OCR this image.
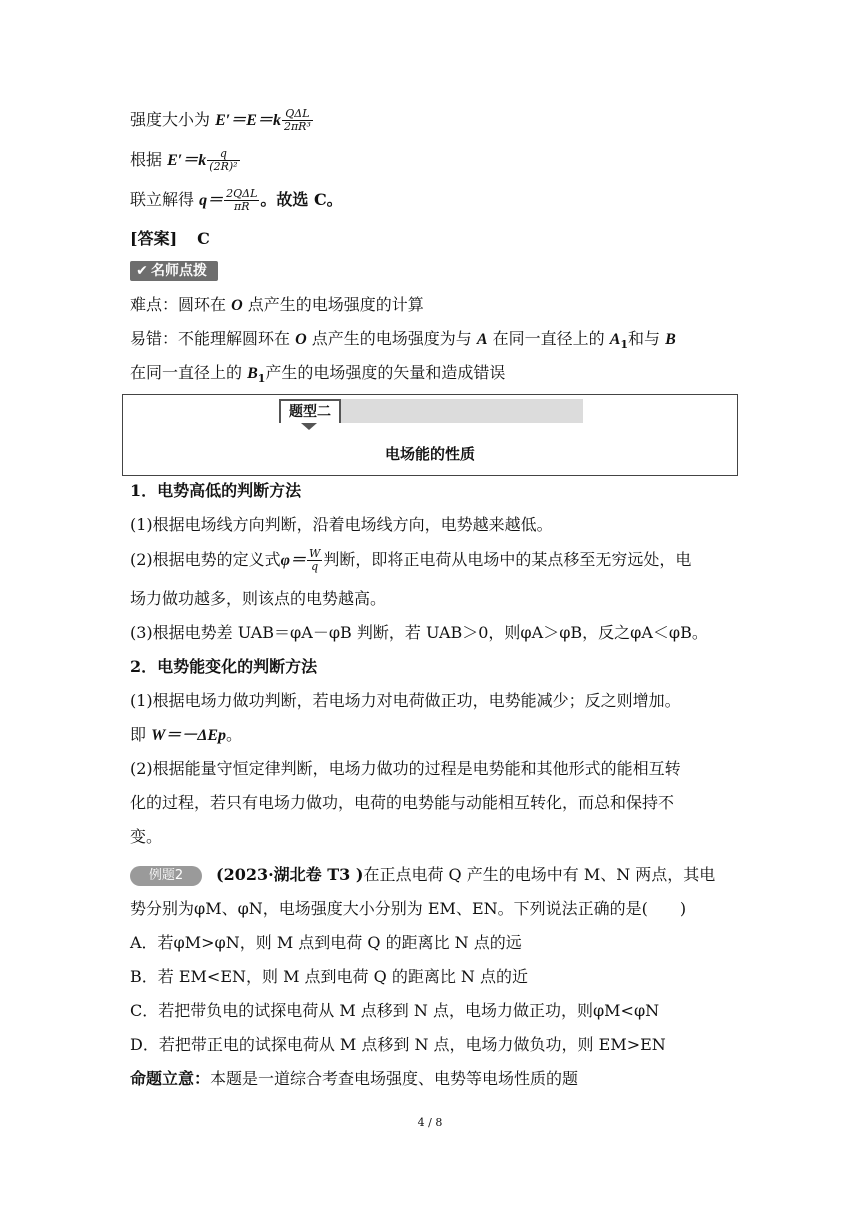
强度大小为 $E'=E=k \frac{\text{QΔL}}{\text{2πR³}}$
根据 $E'=k \frac{q}{\text{(2R)²}}$
联立解得 $q= \frac{\text{2QΔL}}{\pi R}$ 。故选 C。
[答案] C
✔ 名师点拨
难点：圆环在 O 点产生的电场强度的计算
易错：不能理解圆环在 O 点产生的电场强度为与 A 在同一直径上的 $A_1$和与 B
在同一直径上的 $B_1$产生的电场强度的矢量和造成错误
题型二
电场能的性质
1．电势高低的判断方法
(1)根据电场线方向判断，沿着电场线方向，电势越来越低。
(2)根据电势的定义式$\varphi= \frac{W}{q}$ 判断，即将正电荷从电场中的某点移至无穷远处，电
场力做功越多，则该点的电势越高。
(3)根据电势差 UAB＝φA－φB 判断，若 UAB＞0，则φA＞φB，反之φA＜φB。
2．电势能变化的判断方法
(1)根据电场力做功判断，若电场力对电荷做正功，电势能减少；反之则增加。
即 W＝－ΔEp。
(2)根据能量守恒定律判断，电场力做功的过程是电势能和其他形式的能相互转
化的过程，若只有电场力做功，电荷的电势能与动能相互转化，而总和保持不
变。
例题2 (2023·湖北卷 T3 )在正点电荷 Q 产生的电场中有 M、N 两点，其电
势分别为φM、φN，电场强度大小分别为 EM、EN。下列说法正确的是(　　)
A．若φM>φN，则 M 点到电荷 Q 的距离比 N 点的远
B．若 EM<EN，则 M 点到电荷 Q 的距离比 N 点的近
C．若把带负电的试探电荷从 M 点移到 N 点，电场力做正功，则φM<φN
D．若把带正电的试探电荷从 M 点移到 N 点，电场力做负功，则 EM>EN
命题立意：本题是一道综合考查电场强度、电势等电场性质的题
4 / 8
